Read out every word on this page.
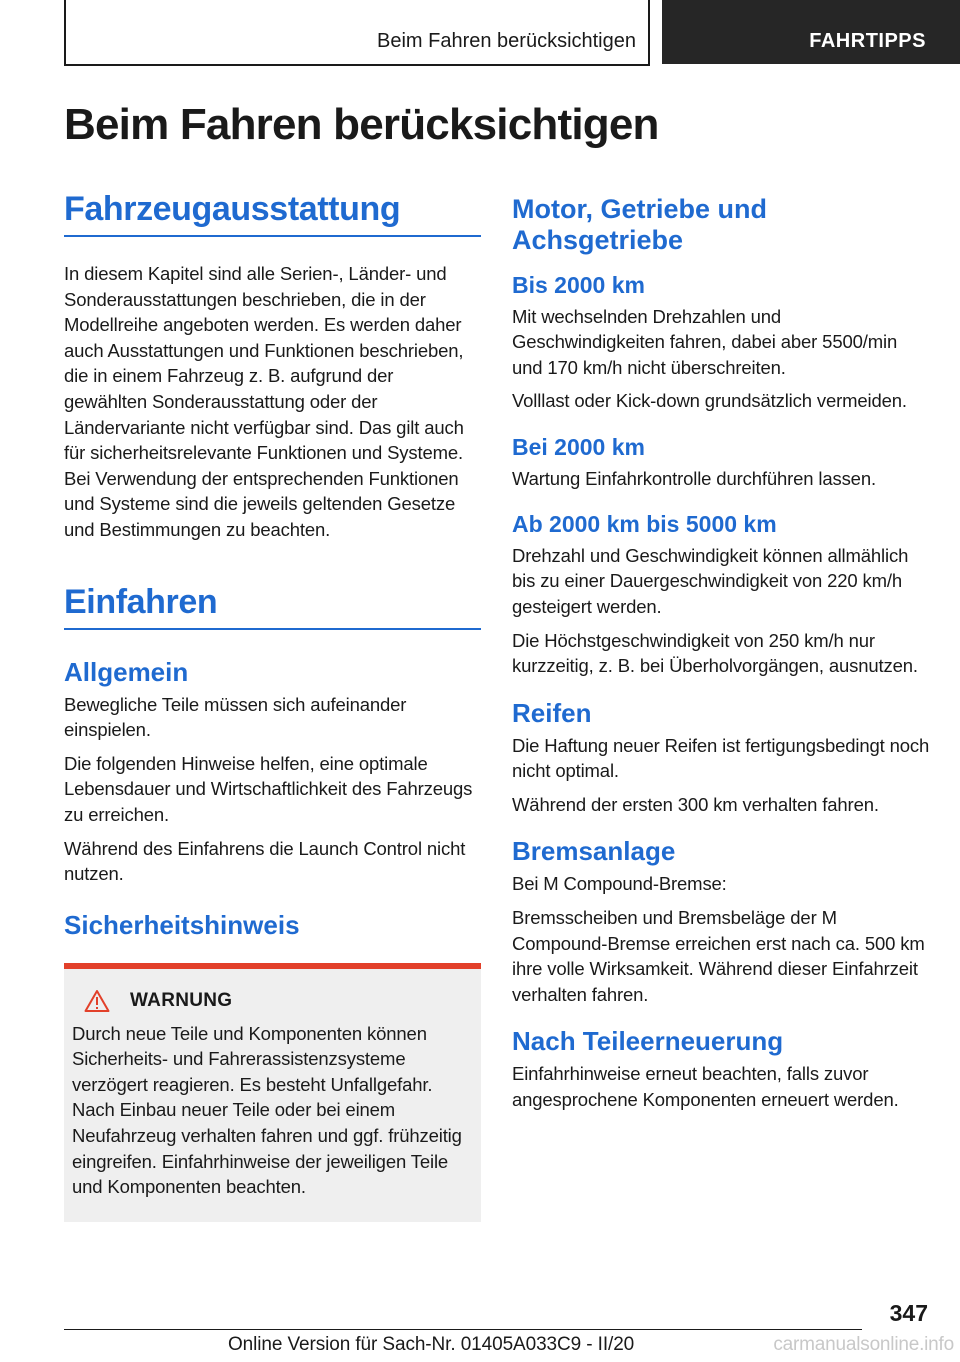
Beim Fahren berücksichtigen	FAHRTIPPS
Beim Fahren berücksichtigen
Fahrzeugausstattung

In diesem Kapitel sind alle Serien-, Länder- und Sonderausstattungen beschrieben, die in der Modellreihe angeboten werden. Es werden daher auch Ausstattungen und Funktionen beschrieben, die in einem Fahrzeug z. B. aufgrund der gewählten Sonderausstattung oder der Ländervariante nicht verfügbar sind. Das gilt auch für sicherheitsrelevante Funktionen und Systeme. Bei Verwendung der entsprechenden Funktionen und Systeme sind die jeweils geltenden Gesetze und Bestimmungen zu beachten.

Einfahren
Allgemein

Bewegliche Teile müssen sich aufeinander einspielen.

Die folgenden Hinweise helfen, eine optimale Lebensdauer und Wirtschaftlichkeit des Fahrzeugs zu erreichen.

Während des Einfahrens die Launch Control nicht nutzen.

Sicherheitshinweis
WARNUNG

Durch neue Teile und Komponenten können Sicherheits- und Fahrerassistenzsysteme verzögert reagieren. Es besteht Unfallgefahr. Nach Einbau neuer Teile oder bei einem Neufahrzeug verhalten fahren und ggf. frühzeitig eingreifen. Einfahrhinweise der jeweiligen Teile und Komponenten beachten.

Motor, Getriebe und Achsgetriebe
Bis 2000 km

Mit wechselnden Drehzahlen und Geschwindigkeiten fahren, dabei aber 5500/min und 170 km/h nicht überschreiten.

Volllast oder Kick-down grundsätzlich vermeiden.

Bei 2000 km

Wartung Einfahrkontrolle durchführen lassen.

Ab 2000 km bis 5000 km

Drehzahl und Geschwindigkeit können allmählich bis zu einer Dauergeschwindigkeit von 220 km/h gesteigert werden.

Die Höchstgeschwindigkeit von 250 km/h nur kurzzeitig, z. B. bei Überholvorgängen, ausnutzen.

Reifen

Die Haftung neuer Reifen ist fertigungsbedingt noch nicht optimal.

Während der ersten 300 km verhalten fahren.

Bremsanlage

Bei M Compound-Bremse:

Bremsscheiben und Bremsbeläge der M Compound-Bremse erreichen erst nach ca. 500 km ihre volle Wirksamkeit. Während dieser Einfahrzeit verhalten fahren.

Nach Teileerneuerung

Einfahrhinweise erneut beachten, falls zuvor angesprochene Komponenten erneuert werden.

347
Online Version für Sach-Nr. 01405A033C9 - II/20	carmanualsonline.info
